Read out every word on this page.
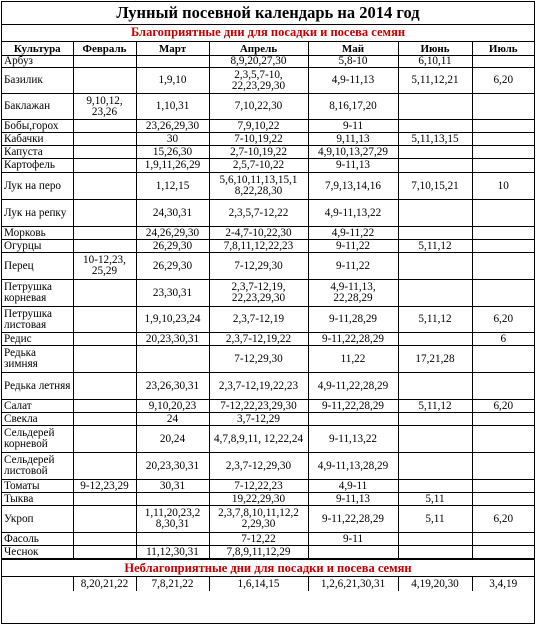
Лунный посевной календарь на 2014 год
Благоприятные дни для посадки и посева семян
Культура	Февраль	Март	Апрель	Май	Июнь	Июль
Арбуз			8,9,20,27,30	5,8-10	6,10,11	
Базилик		1,9,10	2,3,5,7-10, 22,23,29,30	4,9-11,13	5,11,12,21	6,20
Баклажан	9,10,12, 23,26	1,10,31	7,10,22,30	8,16,17,20		
Бобы,горох		23,26,29,30	7,9,10,22	9-11		
Кабачки		30	7-10,19,22	9,11,13	5,11,13,15	
Капуста		15,26,30	2,7-10,19,22	4,9,10,13,27,29		
Картофель		1,9,11,26,29	2,5,7-10,22	9-11,13		
Лук на перо		1,12,15	5,6,10,11,13,15,1 8,22,28,30	7,9,13,14,16	7,10,15,21	10
Лук на репку		24,30,31	2,3,5,7-12,22	4,9-11,13,22		
Морковь		24,26,29,30	2-4,7-10,22,30	4,9-11,22		
Огурцы		26,29,30	7,8,11,12,22,23	9-11,22	5,11,12	
Перец	10-12,23, 25,29	26,29,30	7-12,29,30	9-11,22		
Петрушка корневая		23,30,31	2,3,7-12,19, 22,23,29,30	4,9-11,13, 22,28,29		
Петрушка листовая		1,9,10,23,24	2,3,7-12,19	9-11,28,29	5,11,12	6,20
Редис		20,23,30,31	2,3,7-12,19,22	9-11,22,28,29		6
Редька зимняя			7-12,29,30	11,22	17,21,28	
Редька летняя		23,26,30,31	2,3,7-12,19,22,23	4,9-11,22,28,29		
Салат		9,10,20,23	7-12,22,23,29,30	9-11,22,28,29	5,11,12	6,20
Свекла		24	3,7-12,29			
Сельдерей корневой		20,24	4,7,8,9,11, 12,22,24	9-11,13,22		
Сельдерей листовой		20,23,30,31	2,3,7-12,29,30	4,9-11,13,28,29		
Томаты	9-12,23,29	30,31	7-12,22,23	4,9-11		
Тыква			19,22,29,30	9-11,13	5,11	
Укроп		1,11,20,23,2 8,30,31	2,3,7,8,10,11,12,2 2,29,30	9-11,22,28,29	5,11	6,20
Фасоль			7-12,22	9-11		
Чеснок		11,12,30,31	7,8,9,11,12,29			
Неблагоприятные дни для посадки и посева семян
	8,20,21,22	7,8,21,22	1,6,14,15	1,2,6,21,30,31	4,19,20,30	3,4,19
